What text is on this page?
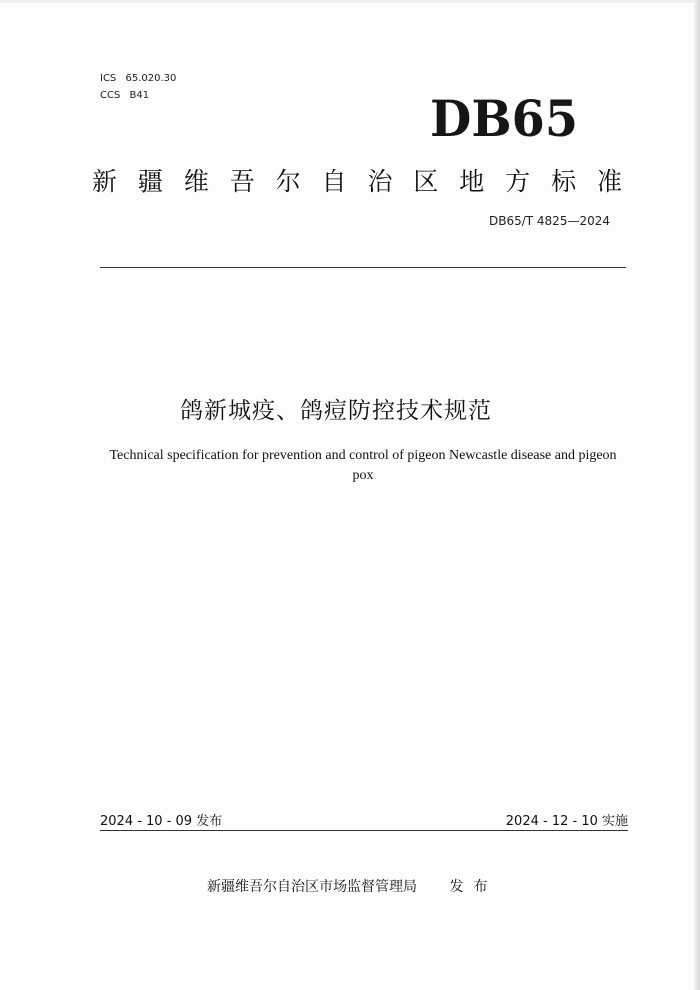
ICS 65.020.30
CCS B41	DB65
新 疆 维 吾 尔 自 治 区 地 方 标 准
DB65/T 4825—2024
鸽新城疫、鸽痘防控技术规范
Technical specification for prevention and control of pigeon Newcastle disease and pigeon pox
2024 - 10 - 09 发布	2024 - 12 - 10 实施
新疆维吾尔自治区市场监督管理局 发布
